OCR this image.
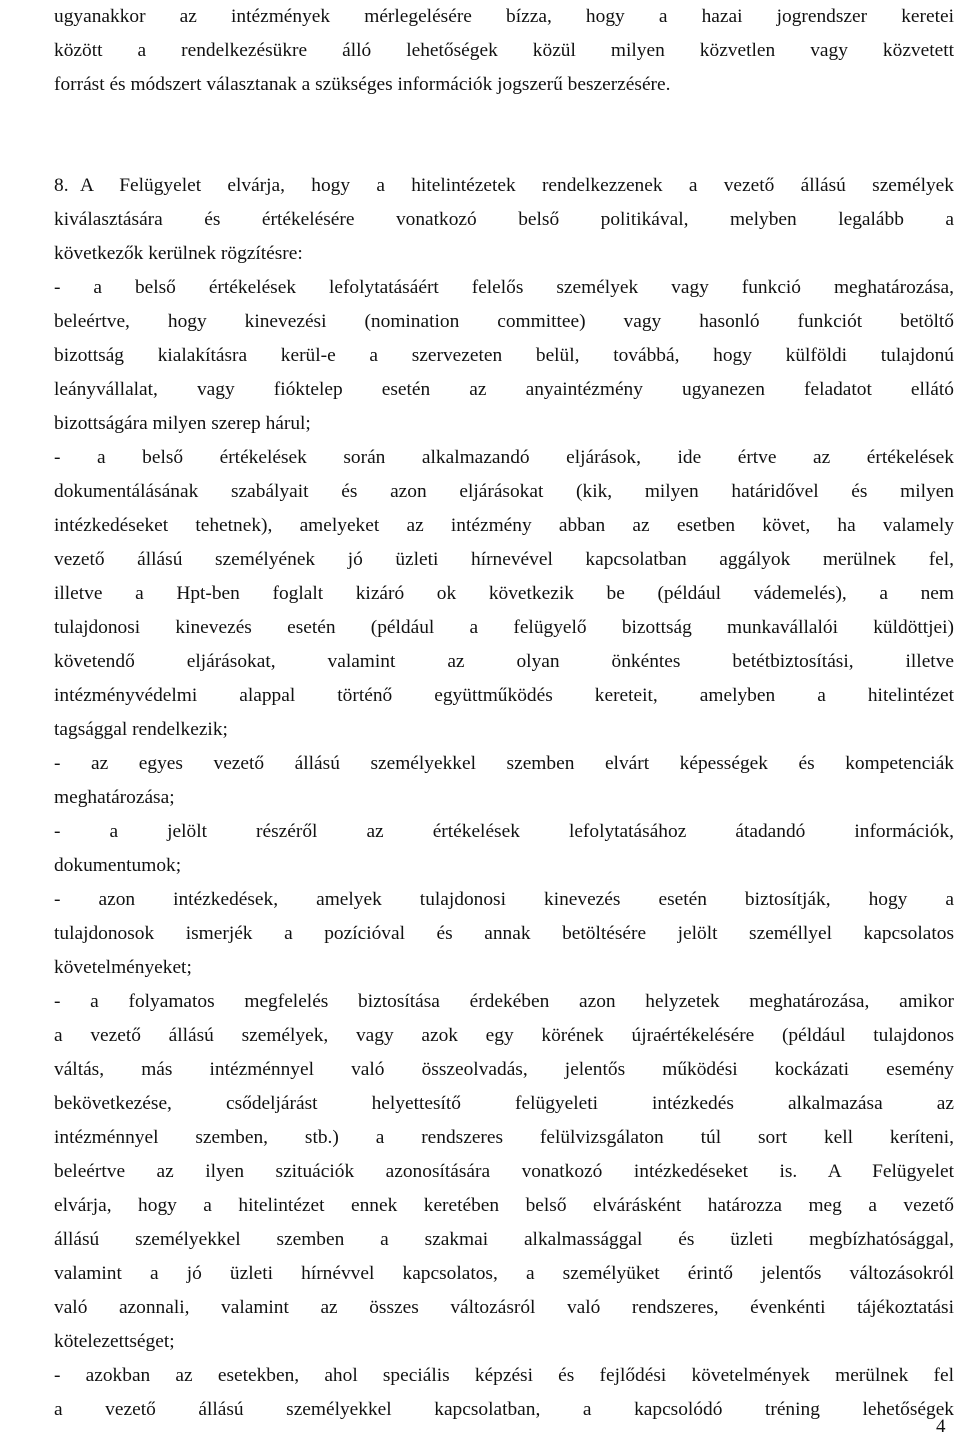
ugyanakkor az intézmények mérlegelésére bízza, hogy a hazai jogrendszer keretei
között a rendelkezésükre álló lehetőségek közül milyen közvetlen vagy közvetett
forrást és módszert választanak a szükséges információk jogszerű beszerzésére.
8. A Felügyelet elvárja, hogy a hitelintézetek rendelkezzenek a vezető állású személyek
kiválasztására és értékelésére vonatkozó belső politikával, melyben legalább a
következők kerülnek rögzítésre:
- a belső értékelések lefolytatásáért felelős személyek vagy funkció meghatározása,
beleértve, hogy kinevezési (nomination committee) vagy hasonló funkciót betöltő
bizottság kialakításra kerül-e a szervezeten belül, továbbá, hogy külföldi tulajdonú
leányvállalat, vagy fióktelep esetén az anyaintézmény ugyanezen feladatot ellátó
bizottságára milyen szerep hárul;
- a belső értékelések során alkalmazandó eljárások, ide értve az értékelések
dokumentálásának szabályait és azon eljárásokat (kik, milyen határidővel és milyen
intézkedéseket tehetnek), amelyeket az intézmény abban az esetben követ, ha valamely
vezető állású személyének jó üzleti hírnevével kapcsolatban aggályok merülnek fel,
illetve a Hpt-ben foglalt kizáró ok következik be (például vádemelés), a nem
tulajdonosi kinevezés esetén (például a felügyelő bizottság munkavállalói küldöttjei)
követendő eljárásokat, valamint az olyan önkéntes betétbiztosítási, illetve
intézményvédelmi alappal történő együttműködés kereteit, amelyben a hitelintézet
tagsággal rendelkezik;
- az egyes vezető állású személyekkel szemben elvárt képességek és kompetenciák
meghatározása;
- a jelölt részéről az értékelések lefolytatásához átadandó információk,
dokumentumok;
- azon intézkedések, amelyek tulajdonosi kinevezés esetén biztosítják, hogy a
tulajdonosok ismerjék a pozícióval és annak betöltésére jelölt személlyel kapcsolatos
követelményeket;
- a folyamatos megfelelés biztosítása érdekében azon helyzetek meghatározása, amikor
a vezető állású személyek, vagy azok egy körének újraértékelésére (például tulajdonos
váltás, más intézménnyel való összeolvadás, jelentős működési kockázati esemény
bekövetkezése, csődeljárást helyettesítő felügyeleti intézkedés alkalmazása az
intézménnyel szemben, stb.) a rendszeres felülvizsgálaton túl sort kell keríteni,
beleértve az ilyen szituációk azonosítására vonatkozó intézkedéseket is. A Felügyelet
elvárja, hogy a hitelintézet ennek keretében belső elvárásként határozza meg a vezető
állású személyekkel szemben a szakmai alkalmassággal és üzleti megbízhatósággal,
valamint a jó üzleti hírnévvel kapcsolatos, a személyüket érintő jelentős változásokról
való azonnali, valamint az összes változásról való rendszeres, évenkénti tájékoztatási
kötelezettséget;
- azokban az esetekben, ahol speciális képzési és fejlődési követelmények merülnek fel
a vezető állású személyekkel kapcsolatban, a kapcsolódó tréning lehetőségek
4
